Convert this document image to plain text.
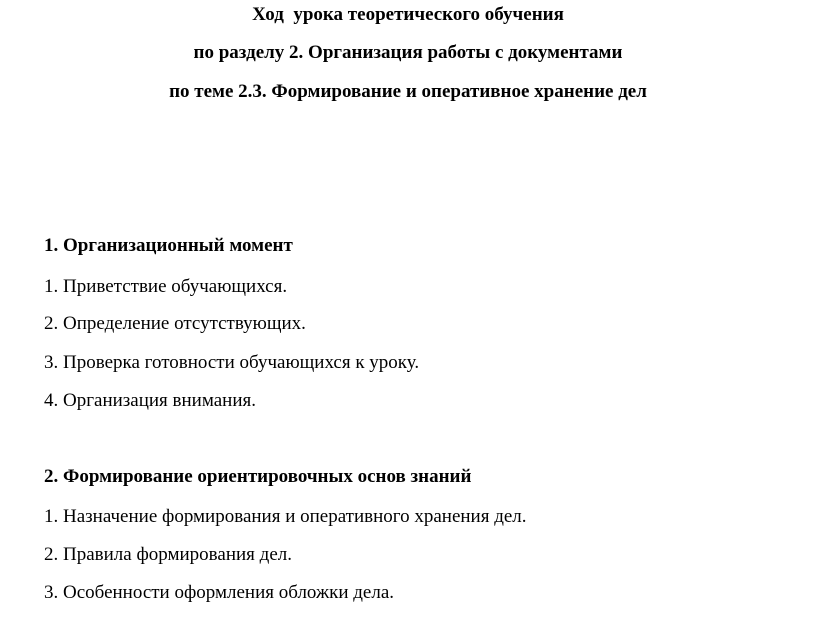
Ход  урока теоретического обучения
по разделу 2. Организация работы с документами
по теме 2.3. Формирование и оперативное хранение дел
1. Организационный момент
1. Приветствие обучающихся.
2. Определение отсутствующих.
3. Проверка готовности обучающихся к уроку.
4. Организация внимания.
2. Формирование ориентировочных основ знаний
1. Назначение формирования и оперативного хранения дел.
2. Правила формирования дел.
3. Особенности оформления обложки дела.
